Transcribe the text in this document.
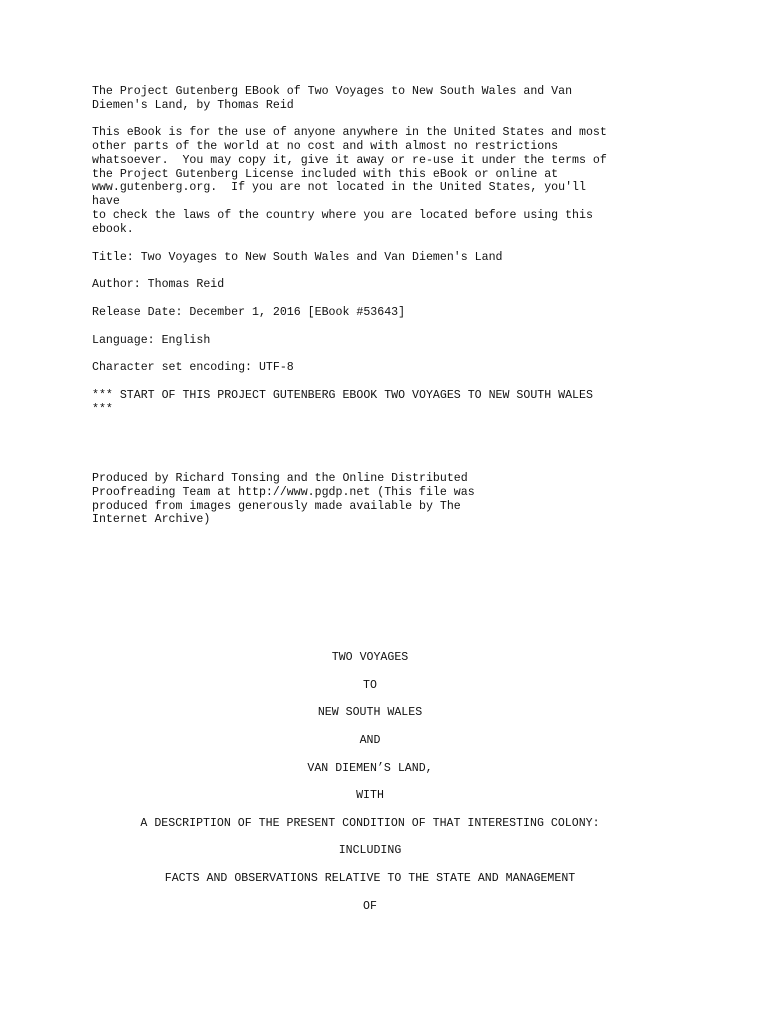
The Project Gutenberg EBook of Two Voyages to New South Wales and Van
Diemen's Land, by Thomas Reid
This eBook is for the use of anyone anywhere in the United States and most
other parts of the world at no cost and with almost no restrictions
whatsoever.  You may copy it, give it away or re-use it under the terms of
the Project Gutenberg License included with this eBook or online at
www.gutenberg.org.  If you are not located in the United States, you'll
have
to check the laws of the country where you are located before using this
ebook.
Title: Two Voyages to New South Wales and Van Diemen's Land
Author: Thomas Reid
Release Date: December 1, 2016 [EBook #53643]
Language: English
Character set encoding: UTF-8
*** START OF THIS PROJECT GUTENBERG EBOOK TWO VOYAGES TO NEW SOUTH WALES
***
Produced by Richard Tonsing and the Online Distributed
Proofreading Team at http://www.pgdp.net (This file was
produced from images generously made available by The
Internet Archive)
TWO VOYAGES
TO
NEW SOUTH WALES
AND
VAN DIEMEN’S LAND,
WITH
A DESCRIPTION OF THE PRESENT CONDITION OF THAT INTERESTING COLONY:
INCLUDING
FACTS AND OBSERVATIONS RELATIVE TO THE STATE AND MANAGEMENT
OF
